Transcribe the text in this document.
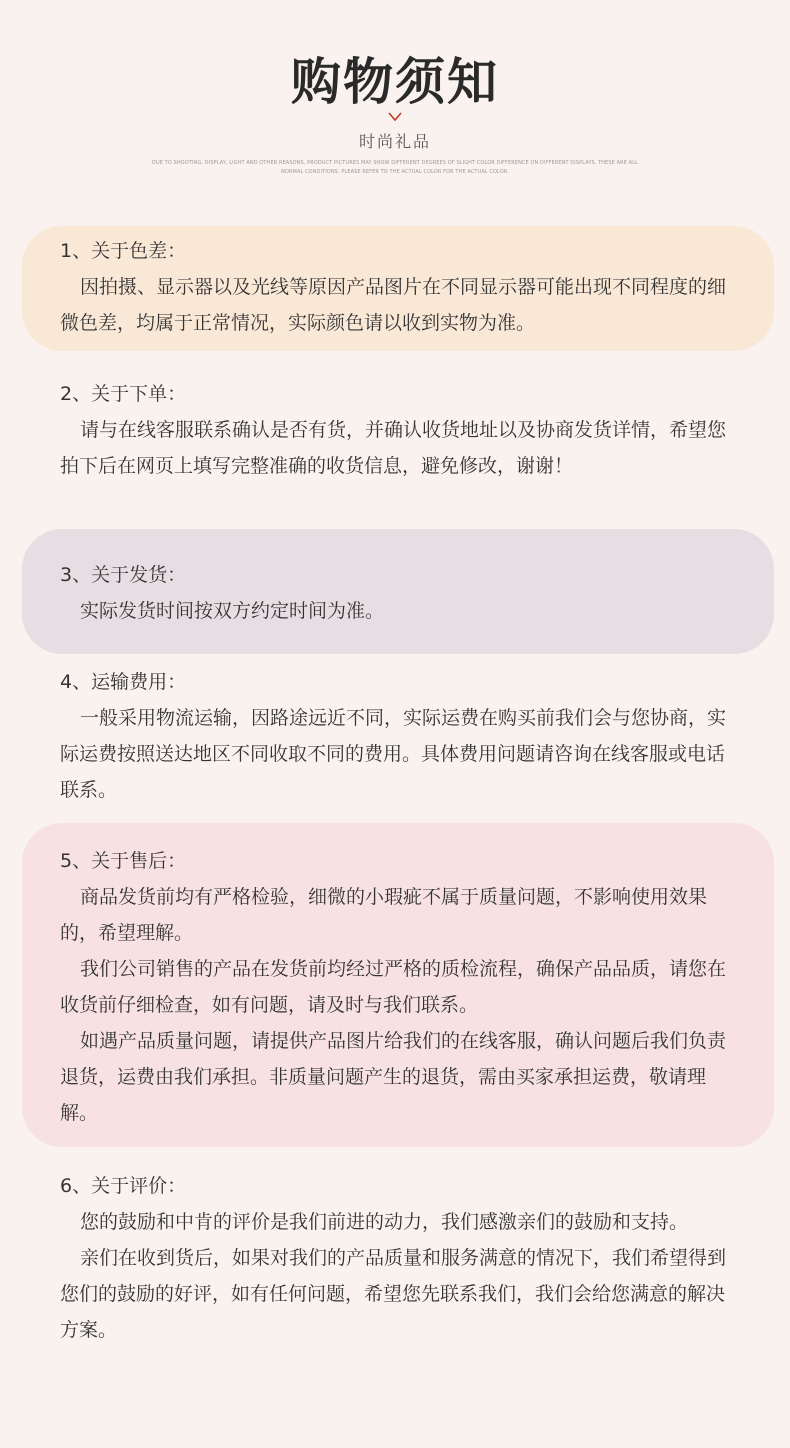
购物须知
时尚礼品
DUE TO SHOOTING, DISPLAY, LIGHT AND OTHER REASONS, PRODUCT PICTURES MAY SHOW DIFFERENT DEGREES OF SLIGHT COLOR DIFFERENCE ON DIFFERENT DISPLAYS. THESE ARE ALL NORMAL CONDITIONS. PLEASE REFER TO THE ACTUAL COLOR FOR THE ACTUAL COLOR.

1、关于色差：

因拍摄、显示器以及光线等原因产品图片在不同显示器可能出现不同程度的细微色差，均属于正常情况，实际颜色请以收到实物为准。

2、关于下单：

请与在线客服联系确认是否有货，并确认收货地址以及协商发货详情，希望您拍下后在网页上填写完整准确的收货信息，避免修改，谢谢！

3、关于发货：

实际发货时间按双方约定时间为准。

4、运输费用：

一般采用物流运输，因路途远近不同，实际运费在购买前我们会与您协商，实际运费按照送达地区不同收取不同的费用。具体费用问题请咨询在线客服或电话联系。

5、关于售后：

商品发货前均有严格检验，细微的小瑕疵不属于质量问题，不影响使用效果的，希望理解。

我们公司销售的产品在发货前均经过严格的质检流程，确保产品品质，请您在收货前仔细检查，如有问题，请及时与我们联系。

如遇产品质量问题，请提供产品图片给我们的在线客服，确认问题后我们负责退货，运费由我们承担。非质量问题产生的退货，需由买家承担运费，敬请理解。

6、关于评价：

您的鼓励和中肯的评价是我们前进的动力，我们感激亲们的鼓励和支持。

亲们在收到货后，如果对我们的产品质量和服务满意的情况下，我们希望得到您们的鼓励的好评，如有任何问题，希望您先联系我们，我们会给您满意的解决方案。
